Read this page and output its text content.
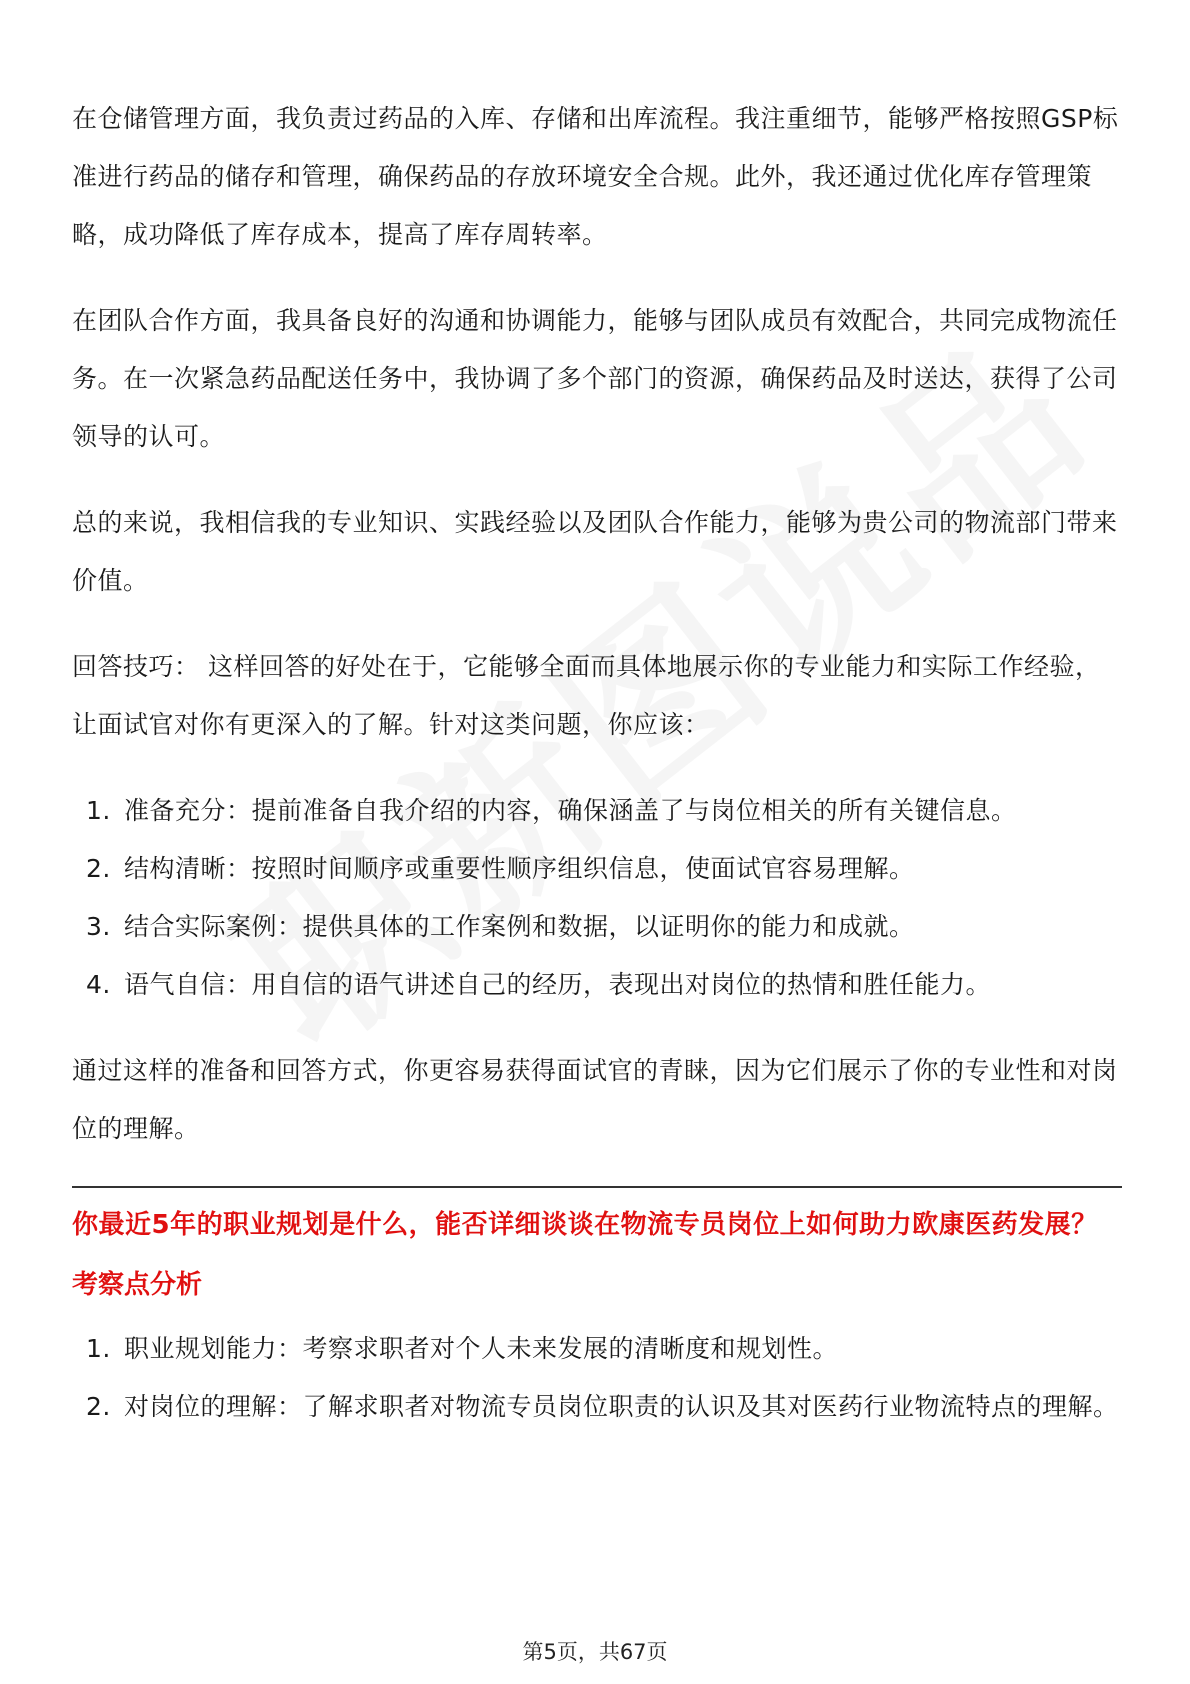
在仓储管理方面，我负责过药品的入库、存储和出库流程。我注重细节，能够严格按照GSP标准进行药品的储存和管理，确保药品的存放环境安全合规。此外，我还通过优化库存管理策略，成功降低了库存成本，提高了库存周转率。

在团队合作方面，我具备良好的沟通和协调能力，能够与团队成员有效配合，共同完成物流任务。在一次紧急药品配送任务中，我协调了多个部门的资源，确保药品及时送达，获得了公司领导的认可。

总的来说，我相信我的专业知识、实践经验以及团队合作能力，能够为贵公司的物流部门带来价值。

回答技巧： 这样回答的好处在于，它能够全面而具体地展示你的专业能力和实际工作经验，让面试官对你有更深入的了解。针对这类问题，你应该：

1. 准备充分：提前准备自我介绍的内容，确保涵盖了与岗位相关的所有关键信息。
2. 结构清晰：按照时间顺序或重要性顺序组织信息，使面试官容易理解。
3. 结合实际案例：提供具体的工作案例和数据，以证明你的能力和成就。
4. 语气自信：用自信的语气讲述自己的经历，表现出对岗位的热情和胜任能力。

通过这样的准备和回答方式，你更容易获得面试官的青睐，因为它们展示了你的专业性和对岗位的理解。

你最近5年的职业规划是什么，能否详细谈谈在物流专员岗位上如何助力欧康医药发展？
考察点分析
1. 职业规划能力：考察求职者对个人未来发展的清晰度和规划性。
2. 对岗位的理解：了解求职者对物流专员岗位职责的认识及其对医药行业物流特点的理解。
第5页，共67页
